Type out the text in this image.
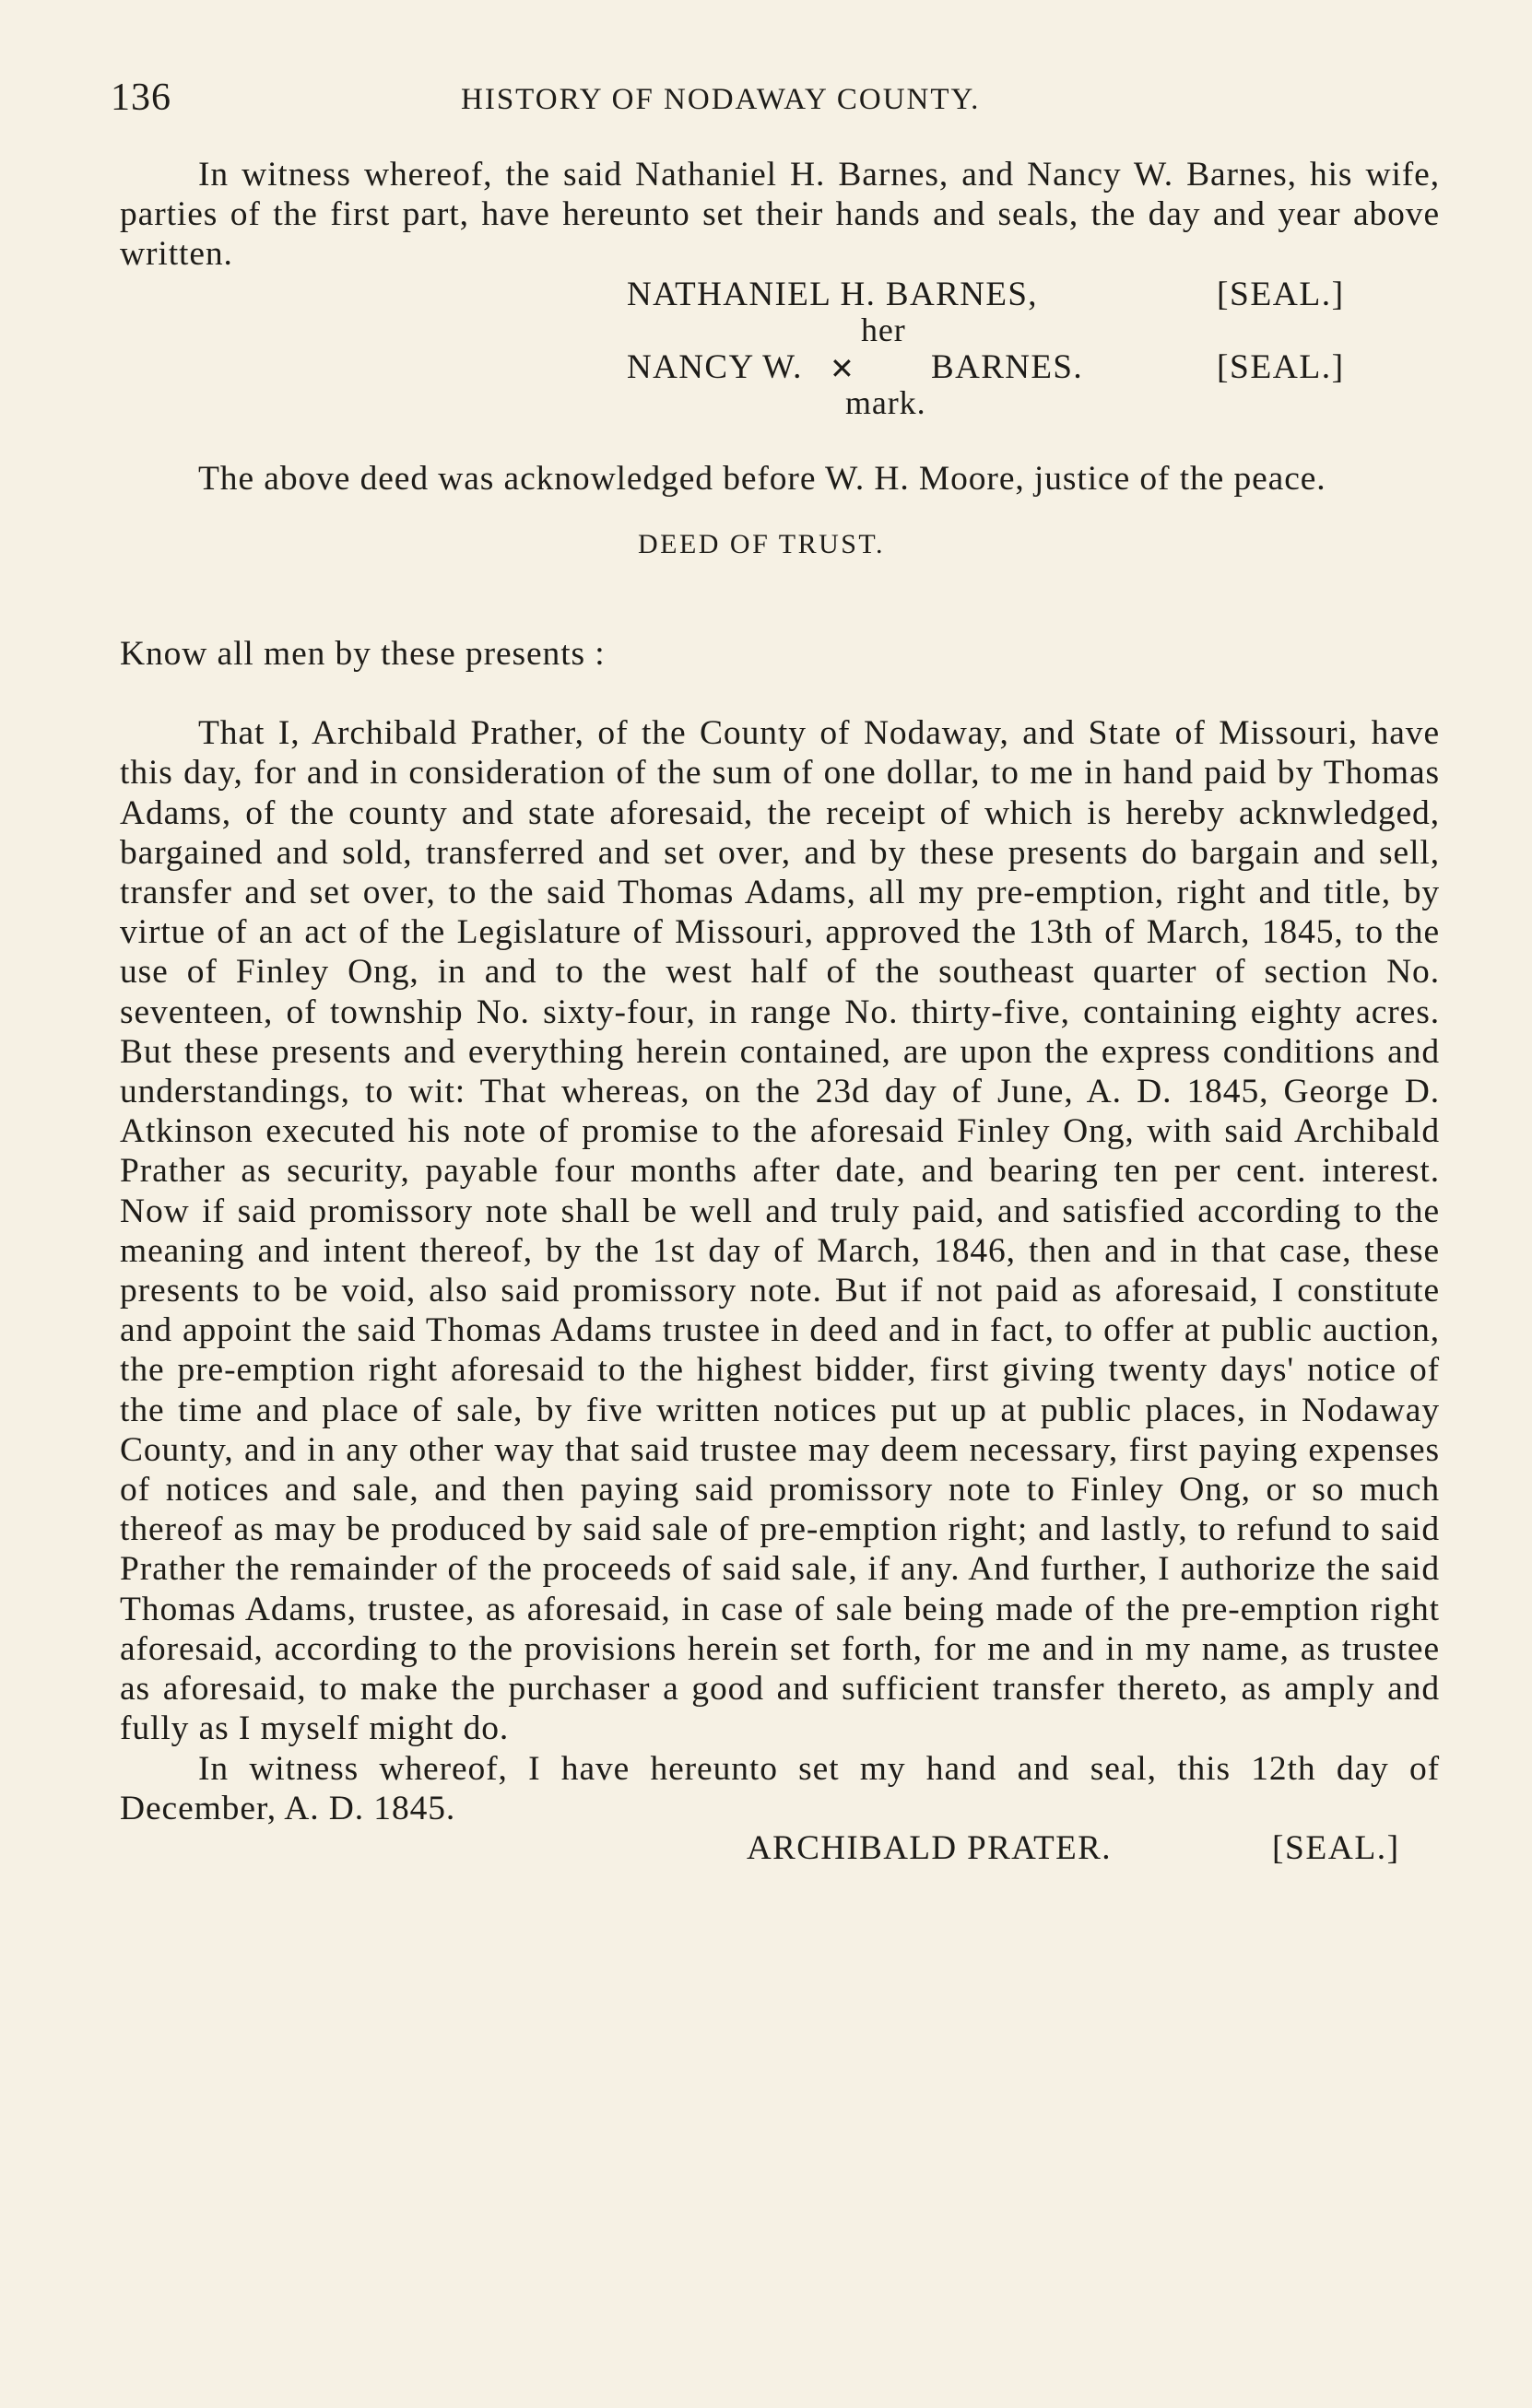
136	HISTORY OF NODAWAY COUNTY.

In witness whereof, the said Nathaniel H. Barnes, and Nancy W. Barnes, his wife, parties of the first part, have hereunto set their hands and seals, the day and year above written.

NATHANIEL H. BARNES,	[SEAL.]
her
NANCY W. ✕ BARNES.	[SEAL.]
mark.

The above deed was acknowledged before W. H. Moore, justice of the peace.

DEED OF TRUST.

Know all men by these presents :

That I, Archibald Prather, of the County of Nodaway, and State of Missouri, have this day, for and in consideration of the sum of one dollar, to me in hand paid by Thomas Adams, of the county and state aforesaid, the receipt of which is hereby acknwledged, bargained and sold, transferred and set over, and by these presents do bargain and sell, transfer and set over, to the said Thomas Adams, all my pre-emption, right and title, by virtue of an act of the Legislature of Missouri, approved the 13th of March, 1845, to the use of Finley Ong, in and to the west half of the southeast quarter of section No. seventeen, of township No. sixty-four, in range No. thirty-five, containing eighty acres. But these presents and everything herein contained, are upon the express conditions and understandings, to wit: That whereas, on the 23d day of June, A. D. 1845, George D. Atkinson executed his note of promise to the aforesaid Finley Ong, with said Archibald Prather as security, payable four months after date, and bearing ten per cent. interest. Now if said promissory note shall be well and truly paid, and satisfied according to the meaning and intent thereof, by the 1st day of March, 1846, then and in that case, these presents to be void, also said promissory note. But if not paid as aforesaid, I constitute and appoint the said Thomas Adams trustee in deed and in fact, to offer at public auction, the pre-emption right aforesaid to the highest bidder, first giving twenty days' notice of the time and place of sale, by five written notices put up at public places, in Nodaway County, and in any other way that said trustee may deem necessary, first paying expenses of notices and sale, and then paying said promissory note to Finley Ong, or so much thereof as may be produced by said sale of pre-emption right; and lastly, to refund to said Prather the remainder of the proceeds of said sale, if any. And further, I authorize the said Thomas Adams, trustee, as aforesaid, in case of sale being made of the pre-emption right aforesaid, according to the provisions herein set forth, for me and in my name, as trustee as aforesaid, to make the purchaser a good and sufficient transfer thereto, as amply and fully as I myself might do.

In witness whereof, I have hereunto set my hand and seal, this 12th day of December, A. D. 1845.

ARCHIBALD PRATER.	[SEAL.]
